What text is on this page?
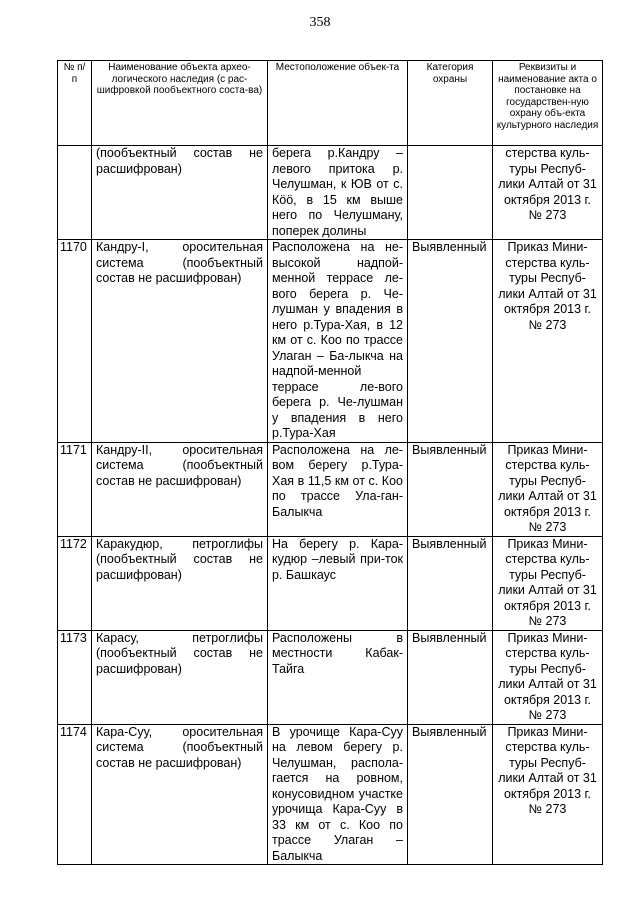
358
№ п/п	Наименование объекта архео-логического наследия (с рас-шифровкой пообъектного соста-ва)	Местоположение объек-та	Категория охраны	Реквизиты и наименование акта о постановке на государствен-ную охрану объ-екта культурного наследия
	(пообъектный состав не расшифрован)	берега р.Кандру – левого притока р. Челушман, к ЮВ от с. Кöö, в 15 км выше него по Челушману, поперек долины		стерства куль-туры Респуб-лики Алтай от 31 октября 2013 г. № 273
1170	Кандру-I, оросительная система (пообъектный состав не расшифрован)	Расположена на не-высокой надпой-менной террасе ле-вого берега р. Че-лушман у впадения в него р.Тура-Хая, в 12 км от с. Коо по трассе Улаган – Ба-лыкча на надпой-менной террасе ле-вого берега р. Че-лушман у впадения в него р.Тура-Хая	Выявленный	Приказ Мини-стерства куль-туры Респуб-лики Алтай от 31 октября 2013 г. № 273
1171	Кандру-II, оросительная система (пообъектный состав не расшифрован)	Расположена на ле-вом берегу р.Тура-Хая в 11,5 км от с. Коо по трассе Ула-ган-Балыкча	Выявленный	Приказ Мини-стерства куль-туры Респуб-лики Алтай от 31 октября 2013 г. № 273
1172	Каракудюр, петроглифы (пообъектный состав не расшифрован)	На берегу р. Кара-кудюр –левый при-ток р. Башкаус	Выявленный	Приказ Мини-стерства куль-туры Респуб-лики Алтай от 31 октября 2013 г. № 273
1173	Карасу, петроглифы (пообъектный состав не расшифрован)	Расположены в местности Кабак-Тайга	Выявленный	Приказ Мини-стерства куль-туры Респуб-лики Алтай от 31 октября 2013 г. № 273
1174	Кара-Суу, оросительная система (пообъектный состав не расшифрован)	В урочище Кара-Суу на левом берегу р. Челушман, распола-гается на ровном, конусовидном участке урочища Кара-Суу в 33 км от с. Коо по трассе Улаган – Балыкча	Выявленный	Приказ Мини-стерства куль-туры Респуб-лики Алтай от 31 октября 2013 г. № 273
